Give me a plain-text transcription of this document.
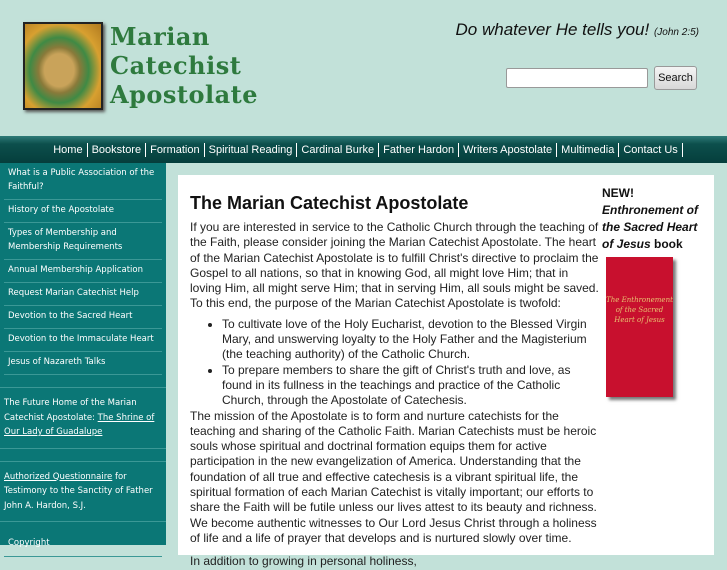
Marian
Catechist
Apostolate
Do whatever He tells you! (John 2:5)
Search
Home Bookstore Formation Spiritual Reading Cardinal Burke Father Hardon Writers Apostolate Multimedia Contact Us
What is a Public Association of the Faithful?
History of the Apostolate
Types of Membership and Membership Requirements
Annual Membership Application
Request Marian Catechist Help
Devotion to the Sacred Heart
Devotion to the Immaculate Heart
Jesus of Nazareth Talks
The Future Home of the Marian Catechist Apostolate: The Shrine of Our Lady of Guadalupe
Authorized Questionnaire for Testimony to the Sanctity of Father John A. Hardon, S.J.
Copyright
The Marian Catechist Apostolate

If you are interested in service to the Catholic Church through the teaching of the Faith, please consider joining the Marian Catechist Apostolate. The heart of the Marian Catechist Apostolate is to fulfill Christ's directive to proclaim the Gospel to all nations, so that in knowing God, all might love Him; that in loving Him, all might serve Him; that in serving Him, all souls might be saved. To this end, the purpose of the Marian Catechist Apostolate is twofold:

• To cultivate love of the Holy Eucharist, devotion to the Blessed Virgin Mary, and unswerving loyalty to the Holy Father and the Magisterium (the teaching authority) of the Catholic Church.
• To prepare members to share the gift of Christ's truth and love, as found in its fullness in the teachings and practice of the Catholic Church, through the Apostolate of Catechesis.

The mission of the Apostolate is to form and nurture catechists for the teaching and sharing of the Catholic Faith. Marian Catechists must be heroic souls whose spiritual and doctrinal formation equips them for active participation in the new evangelization of America. Understanding that the foundation of all true and effective catechesis is a vibrant spiritual life, the spiritual formation of each Marian Catechist is vitally important; our efforts to share the Faith will be futile unless our lives attest to its beauty and richness. We become authentic witnesses to Our Lord Jesus Christ through a holiness of life and a life of prayer that develops and is nurtured slowly over time.

In addition to growing in personal holiness,

NEW!
Enthronement of the Sacred Heart of Jesus book
The Enthronement of the Sacred Heart of Jesus
